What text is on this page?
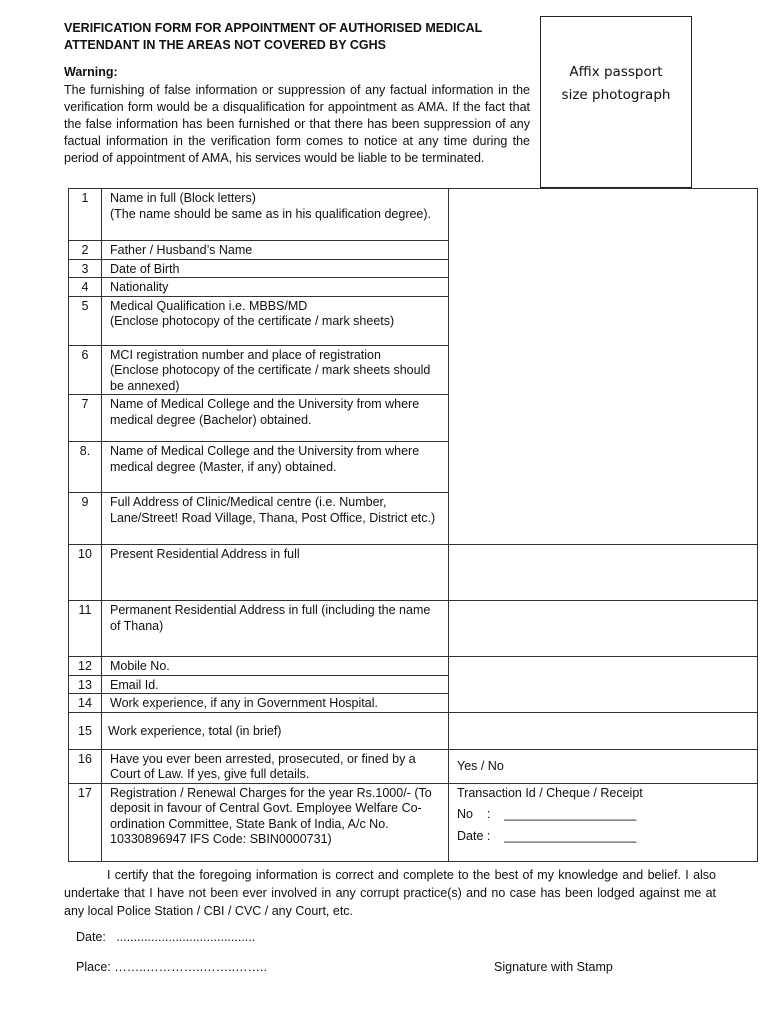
VERIFICATION FORM FOR APPOINTMENT OF AUTHORISED MEDICAL ATTENDANT IN THE AREAS NOT COVERED BY CGHS
Warning:
The furnishing of false information or suppression of any factual information in the verification form would be a disqualification for appointment as AMA. If the fact that the false information has been furnished or that there has been suppression of any factual information in the verification form comes to notice at any time during the period of appointment of AMA, his services would be liable to be terminated.
Affix passport
size photograph
1	Name in full (Block letters)
(The name should be same as in his qualification degree).	

2	Father / Husband’s Name	
3	Date of Birth	
4	Nationality	
5	Medical Qualification i.e. MBBS/MD
(Enclose photocopy of the certificate / mark sheets)	

6	MCI registration number and place of registration
(Enclose photocopy of the certificate / mark sheets should be annexed)	

7	Name of Medical College and the University from where medical degree (Bachelor) obtained.	
8.	Name of Medical College and the University from where medical degree (Master, if any) obtained.	
9	Full Address of Clinic/Medical centre (i.e. Number, Lane/Street! Road Village, Thana, Post Office, District etc.)	
10	Present Residential Address in full	
11	Permanent Residential Address in full (including the name of Thana)	
12	Mobile No.	
13	Email Id.	
14	Work experience, if any in Government Hospital.	
15	Work experience, total (in brief)	
16	Have you ever been arrested, prosecuted, or fined by a Court of Law. If yes, give full details.	Yes / No
17	Registration / Renewal Charges for the year Rs.1000/- (To deposit in favour of Central Govt. Employee Welfare Co-ordination Committee, State Bank of India, A/c No. 10330896947 IFS Code: SBIN0000731)	Transaction Id / Cheque / Receipt
No    :    ___________________
Date :    ___________________
I certify that the foregoing information is correct and complete to the best of my knowledge and belief. I also undertake that I have not been ever involved in any corrupt practice(s) and no case has been lodged against me at any local Police Station / CBI / CVC / any Court, etc.
Date:   ........................................
Place: ……..…………..……..……..	Signature with Stamp
